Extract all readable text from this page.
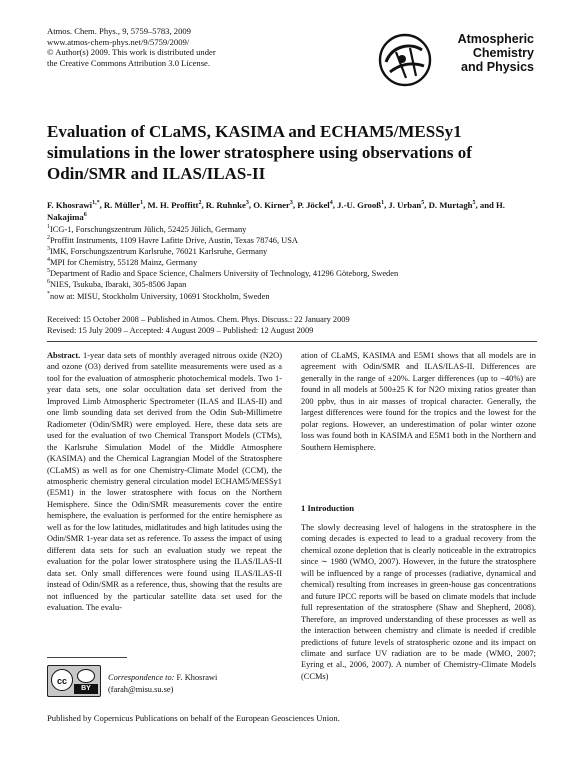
Atmos. Chem. Phys., 9, 5759–5783, 2009
www.atmos-chem-phys.net/9/5759/2009/
© Author(s) 2009. This work is distributed under
the Creative Commons Attribution 3.0 License.
Atmospheric
Chemistry
and Physics
Evaluation of CLaMS, KASIMA and ECHAM5/MESSy1 simulations in the lower stratosphere using observations of Odin/SMR and ILAS/ILAS-II
F. Khosrawi$^{1,*}$, R. Müller$^1$, M. H. Proffitt$^2$, R. Ruhnke$^3$, O. Kirner$^3$, P. Jöckel$^4$, J.-U. Grooß$^1$, J. Urban$^5$, D. Murtagh$^5$, and H. Nakajima$^6$
$^1$ICG-1, Forschungszentrum Jülich, 52425 Jülich, Germany
$^2$Proffitt Instruments, 1109 Havre Lafitte Drive, Austin, Texas 78746, USA
$^3$IMK, Forschungszentrum Karlsruhe, 76021 Karlsruhe, Germany
$^4$MPI for Chemistry, 55128 Mainz, Germany
$^5$Department of Radio and Space Science, Chalmers University of Technology, 41296 Göteborg, Sweden
$^6$NIES, Tsukuba, Ibaraki, 305-8506 Japan
*now at: MISU, Stockholm University, 10691 Stockholm, Sweden
Received: 15 October 2008 – Published in Atmos. Chem. Phys. Discuss.: 22 January 2009
Revised: 15 July 2009 – Accepted: 4 August 2009 – Published: 12 August 2009
Abstract. 1-year data sets of monthly averaged nitrous oxide (N2O) and ozone (O3) derived from satellite measurements were used as a tool for the evaluation of atmospheric photochemical models. Two 1-year data sets, one solar occultation data set derived from the Improved Limb Atmospheric Spectrometer (ILAS and ILAS-II) and one limb sounding data set derived from the Odin Sub-Millimetre Radiometer (Odin/SMR) were employed. Here, these data sets are used for the evaluation of two Chemical Transport Models (CTMs), the Karlsruhe Simulation Model of the Middle Atmosphere (KASIMA) and the Chemical Lagrangian Model of the Stratosphere (CLaMS) as well as for one Chemistry-Climate Model (CCM), the atmospheric chemistry general circulation model ECHAM5/MESSy1 (E5M1) in the lower stratosphere with focus on the Northern Hemisphere. Since the Odin/SMR measurements cover the entire hemisphere, the evaluation is performed for the entire hemisphere as well as for the low latitudes, midlatitudes and high latitudes using the Odin/SMR 1-year data set as reference. To assess the impact of using different data sets for such an evaluation study we repeat the evaluation for the polar lower stratosphere using the ILAS/ILAS-II data set. Only small differences were found using ILAS/ILAS-II instead of Odin/SMR as a reference, thus, showing that the results are not influenced by the particular satellite data set used for the evaluation. The evalu-
ation of CLaMS, KASIMA and E5M1 shows that all models are in agreement with Odin/SMR and ILAS/ILAS-II. Differences are generally in the range of ±20%. Larger differences (up to −40%) are found in all models at 500±25 K for N2O mixing ratios greater than 200 ppbv, thus in air masses of tropical character. Generally, the largest differences were found for the tropics and the lowest for the polar regions. However, an underestimation of polar winter ozone loss was found both in KASIMA and E5M1 both in the Northern and Southern Hemisphere.
1 Introduction
The slowly decreasing level of halogens in the stratosphere in the coming decades is expected to lead to a gradual recovery from the chemical ozone depletion that is clearly noticeable in the extratropics since ∼ 1980 (WMO, 2007). However, in the future the stratosphere will be influenced by a range of processes (radiative, dynamical and chemical) resulting from increases in green-house gas concentrations and future IPCC reports will be based on climate models that include full representation of the stratosphere (Shaw and Shepherd, 2008). Therefore, an improved understanding of these processes as well as the interaction between chemistry and climate is needed if credible predictions of future levels of stratospheric ozone and its impact on climate and surface UV radiation are to be made (WMO, 2007; Eyring et al., 2006, 2007). A number of Chemistry-Climate Models (CCMs)
cc
BY
Correspondence to: F. Khosrawi
(farah@misu.su.se)
Published by Copernicus Publications on behalf of the European Geosciences Union.
